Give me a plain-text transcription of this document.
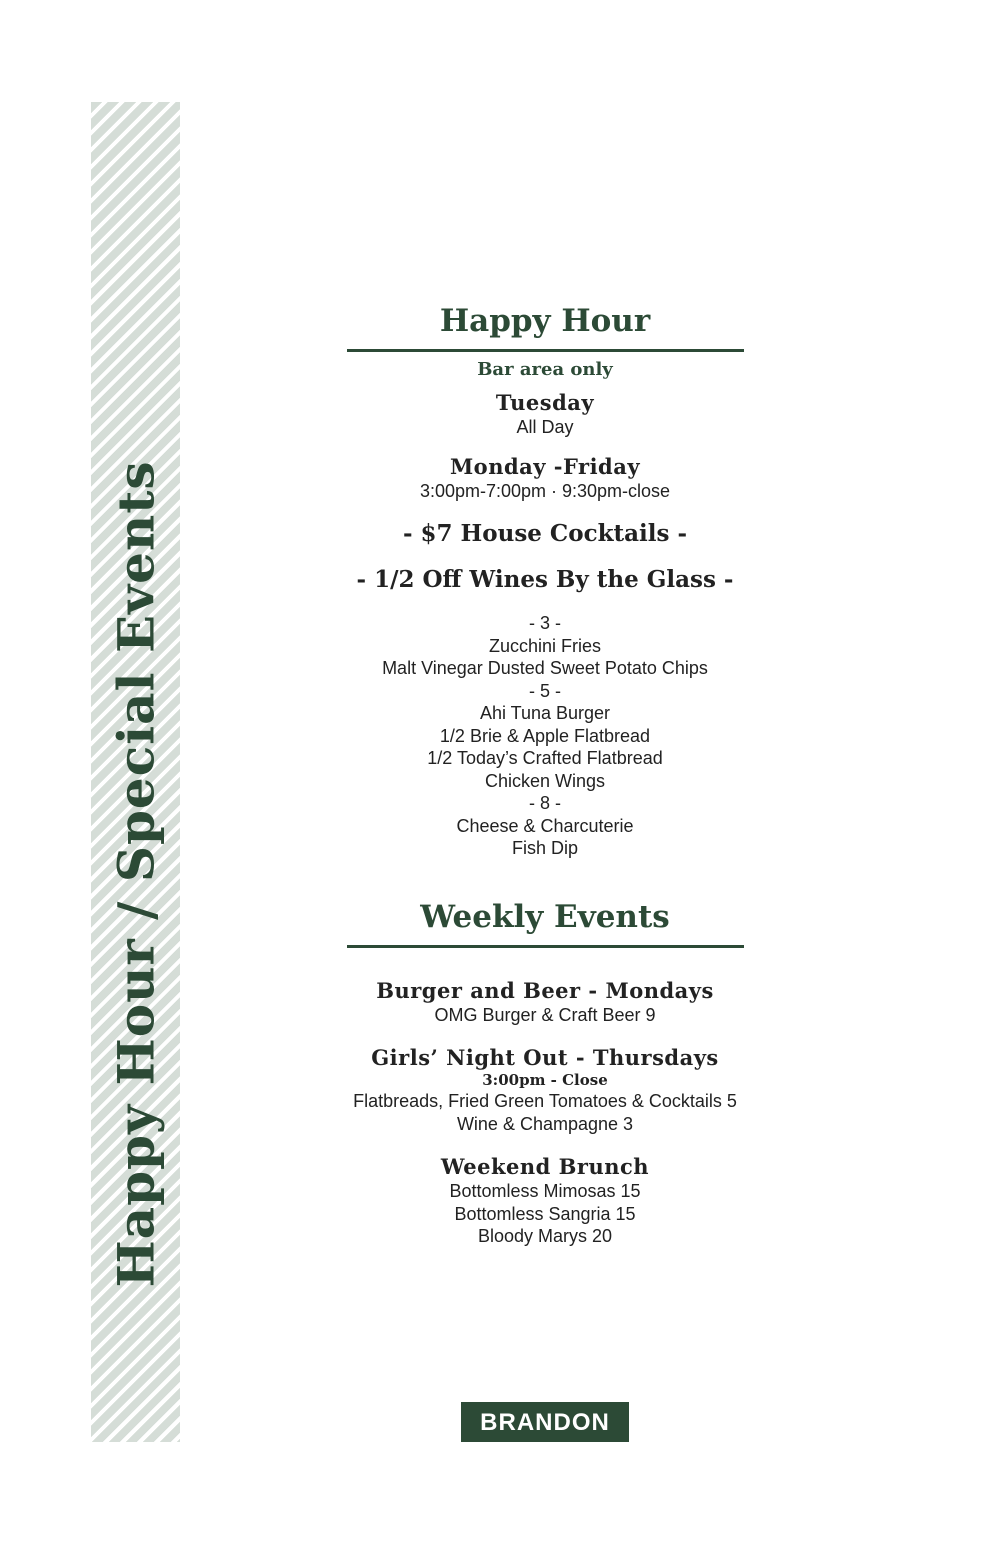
Happy Hour / Special Events
Happy Hour
Bar area only
Tuesday
All Day
Monday -Friday
3:00pm-7:00pm · 9:30pm-close
- $7 House Cocktails -
- 1/2 Off Wines By the Glass -
- 3 -
Zucchini Fries
Malt Vinegar Dusted Sweet Potato Chips
- 5 -
Ahi Tuna Burger
1/2 Brie & Apple Flatbread
1/2 Today’s Crafted Flatbread
Chicken Wings
- 8 -
Cheese & Charcuterie
Fish Dip
Weekly Events
Burger and Beer - Mondays
OMG Burger & Craft Beer 9
Girls’ Night Out - Thursdays
3:00pm - Close
Flatbreads, Fried Green Tomatoes & Cocktails 5
Wine & Champagne 3
Weekend Brunch
Bottomless Mimosas 15
Bottomless Sangria 15
Bloody Marys 20
BRANDON
